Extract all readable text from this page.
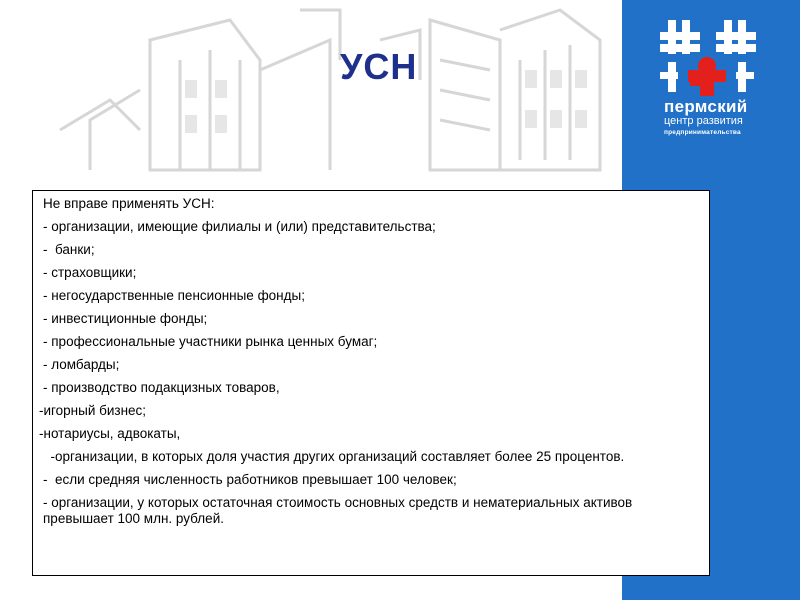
пермский
центр развития
предпринимательства
УСН
Не вправе применять УСН:
- организации, имеющие филиалы и (или) представительства;
-  банки;
- страховщики;
- негосударственные пенсионные фонды;
- инвестиционные фонды;
- профессиональные участники рынка ценных бумаг;
- ломбарды;
- производство подакцизных товаров,
-игорный бизнес;
-нотариусы, адвокаты,
-организации, в которых доля участия других организаций составляет более 25 процентов.
-  если средняя численность работников превышает 100 человек;
- организации, у которых остаточная стоимость основных средств и нематериальных активов превышает 100 млн. рублей.
